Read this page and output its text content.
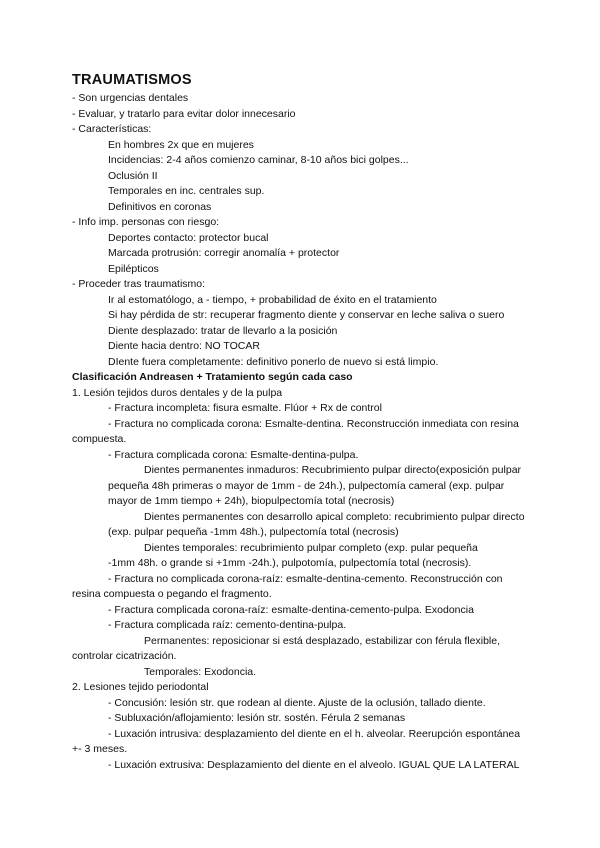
TRAUMATISMOS
- Son urgencias dentales
- Evaluar, y tratarlo para evitar dolor innecesario
- Características:
En hombres 2x que en mujeres
Incidencias: 2-4 años comienzo caminar, 8-10 años bici golpes...
Oclusión II
Temporales en inc. centrales sup.
Definitivos en coronas
- Info imp. personas con riesgo:
Deportes contacto: protector bucal
Marcada protrusión: corregir anomalía + protector
Epilépticos
- Proceder tras traumatismo:
Ir al estomatólogo, a - tiempo, + probabilidad de éxito en el tratamiento
Si hay pérdida de str: recuperar fragmento diente y conservar en leche saliva o suero
Diente desplazado: tratar de llevarlo a la posición
Diente hacia dentro: NO TOCAR
DIente fuera completamente: definitivo ponerlo de nuevo si está limpio.
Clasificación Andreasen + Tratamiento según cada caso
1. Lesión tejidos duros dentales y de la pulpa
- Fractura incompleta: fisura esmalte. Flúor + Rx de control
- Fractura no complicada corona: Esmalte-dentina. Reconstrucción inmediata con resina compuesta.
- Fractura complicada corona: Esmalte-dentina-pulpa.
Dientes permanentes inmaduros: Recubrimiento pulpar directo(exposición pulpar pequeña 48h primeras o mayor de 1mm - de 24h.), pulpectomía cameral (exp. pulpar mayor de 1mm tiempo + 24h), biopulpectomía total (necrosis)
Dientes permanentes con desarrollo apical completo: recubrimiento pulpar directo (exp. pulpar pequeña -1mm 48h.), pulpectomía total (necrosis)
Dientes temporales: recubrimiento pulpar completo (exp. pular pequeña
-1mm 48h. o grande si +1mm -24h.), pulpotomía, pulpectomía total (necrosis).
- Fractura no complicada corona-raíz: esmalte-dentina-cemento. Reconstrucción con resina compuesta o pegando el fragmento.
- Fractura complicada corona-raíz: esmalte-dentina-cemento-pulpa. Exodoncia
- Fractura complicada raíz: cemento-dentina-pulpa.
Permanentes: reposicionar si está desplazado, estabilizar con férula flexible, controlar cicatrización.
Temporales: Exodoncia.
2. Lesiones tejido periodontal
- Concusión: lesión str. que rodean al diente. Ajuste de la oclusión, tallado diente.
- Subluxación/aflojamiento: lesión str. sostén. Férula 2 semanas
- Luxación intrusiva: desplazamiento del diente en el h. alveolar. Reerupción espontánea +- 3 meses.
- Luxación extrusiva: Desplazamiento del diente en el alveolo. IGUAL QUE LA LATERAL
